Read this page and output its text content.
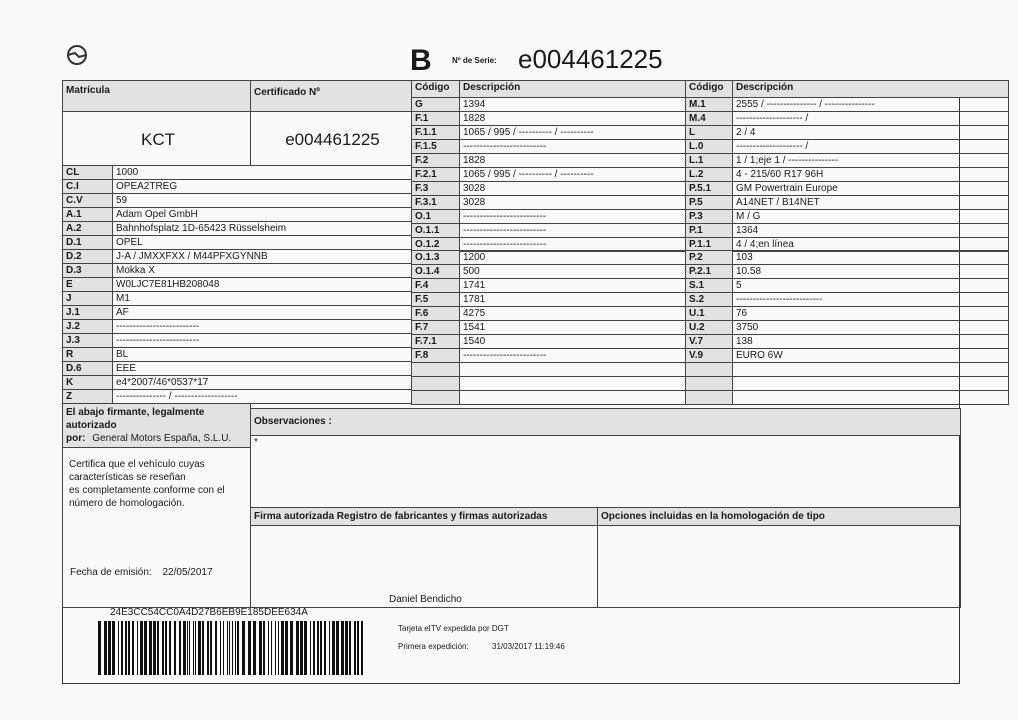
B	Nº de Serie: e004461225
Matrícula	Certificado Nº
KCT	e004461225
CL	1000
C.I	OPEA2TREG
C.V	59
A.1	Adam Opel GmbH
A.2	Bahnhofsplatz 1D-65423 Rüsselsheim
D.1	OPEL
D.2	J-A / JMXXFXX / M44PFXGYNNB
D.3	Mokka X
E	W0LJC7E81HB208048
J	M1
J.1	AF
J.2	-------------------------
J.3	-------------------------
R	BL
D.6	EEE
K	e4*2007/46*0537*17
Z	--------------- / -------------------
Código	Descripción
G	1394
F.1	1828
F.1.1	1065 / 995 / ---------- / ----------
F.1.5	-------------------------
F.2	1828
F.2.1	1065 / 995 / ---------- / ----------
F.3	3028
F.3.1	3028
O.1	-------------------------
O.1.1	-------------------------
O.1.2	-------------------------
O.1.3	1200
O.1.4	500
F.4	1741
F.5	1781
F.6	4275
F.7	1541
F.7.1	1540
F.8	-------------------------
Código	Descripción
M.1	2555 / --------------- / ---------------
M.4	-------------------- /
L	2 / 4
L.0	-------------------- /
L.1	1 / 1;eje 1 / ---------------
L.2	4 - 215/60 R17 96H
P.5.1	GM Powertrain Europe
P.5	A14NET / B14NET
P.3	M / G
P.1	1364
P.1.1	4 / 4;en línea
P.2	103
P.2.1	10.58
S.1	5
S.2	--------------------------
U.1	76
U.2	3750
V.7	138
V.9	EURO 6W
El abajo firmante, legalmente autorizado
por: General Motors España, S.L.U.
Certifica que el vehículo cuyas
características se reseñan
es completamente conforme con el
número de homologación.
Fecha de emisión: 22/05/2017
Observaciones :
*
Firma autorizada Registro de fabricantes y firmas autorizadas	Opciones incluidas en la homologación de tipo
Daniel Bendicho
24E3CC54CC0A4D27B6EB9E185DEE634A
Tarjeta eITV expedida por DGT
Primera expedición:	31/03/2017 11:19:46
